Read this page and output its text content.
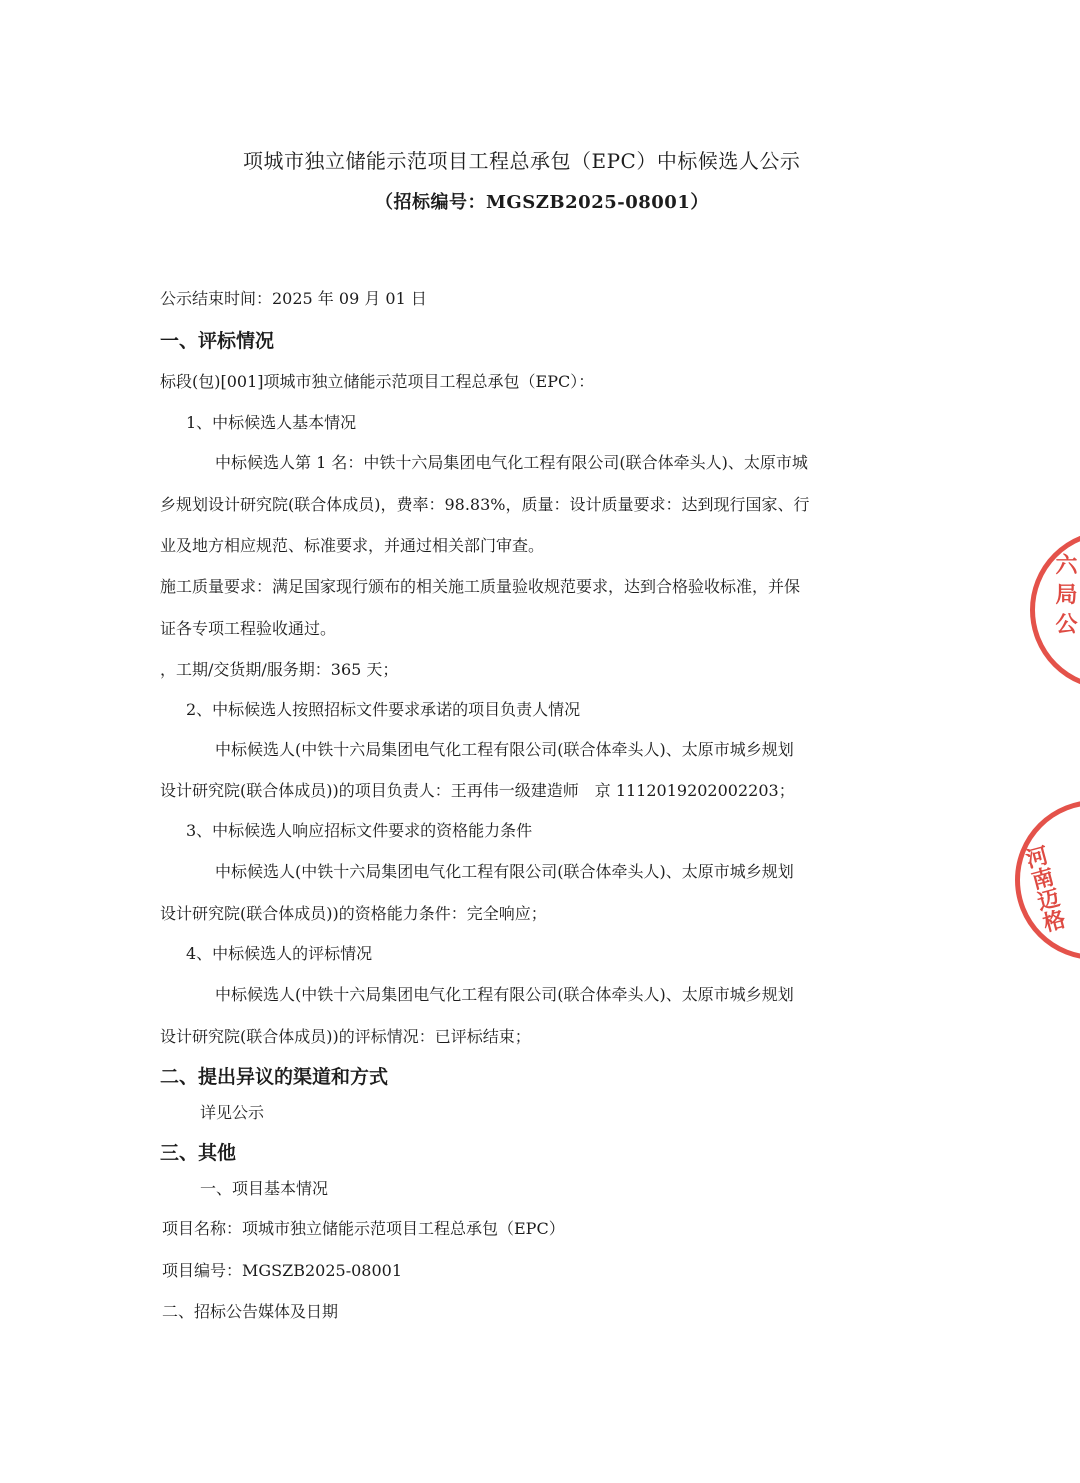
项城市独立储能示范项目工程总承包（EPC）中标候选人公示
（招标编号：MGSZB2025-08001）
公示结束时间：2025 年 09 月 01 日
一、评标情况
标段(包)[001]项城市独立储能示范项目工程总承包（EPC）：
1、中标候选人基本情况
中标候选人第 1 名：中铁十六局集团电气化工程有限公司(联合体牵头人)、太原市城
乡规划设计研究院(联合体成员)，费率：98.83%，质量：设计质量要求：达到现行国家、行
业及地方相应规范、标准要求，并通过相关部门审查。
施工质量要求：满足国家现行颁布的相关施工质量验收规范要求，达到合格验收标准，并保
证各专项工程验收通过。
，工期/交货期/服务期：365 天；
2、中标候选人按照招标文件要求承诺的项目负责人情况
中标候选人(中铁十六局集团电气化工程有限公司(联合体牵头人)、太原市城乡规划
设计研究院(联合体成员))的项目负责人：王再伟一级建造师　京 1112019202002203；
3、中标候选人响应招标文件要求的资格能力条件
中标候选人(中铁十六局集团电气化工程有限公司(联合体牵头人)、太原市城乡规划
设计研究院(联合体成员))的资格能力条件：完全响应；
4、中标候选人的评标情况
中标候选人(中铁十六局集团电气化工程有限公司(联合体牵头人)、太原市城乡规划
设计研究院(联合体成员))的评标情况：已评标结束；
二、提出异议的渠道和方式
详见公示
三、其他
一、项目基本情况
项目名称：项城市独立储能示范项目工程总承包（EPC）
项目编号：MGSZB2025-08001
二、招标公告媒体及日期
六 局 公
河南迈格
